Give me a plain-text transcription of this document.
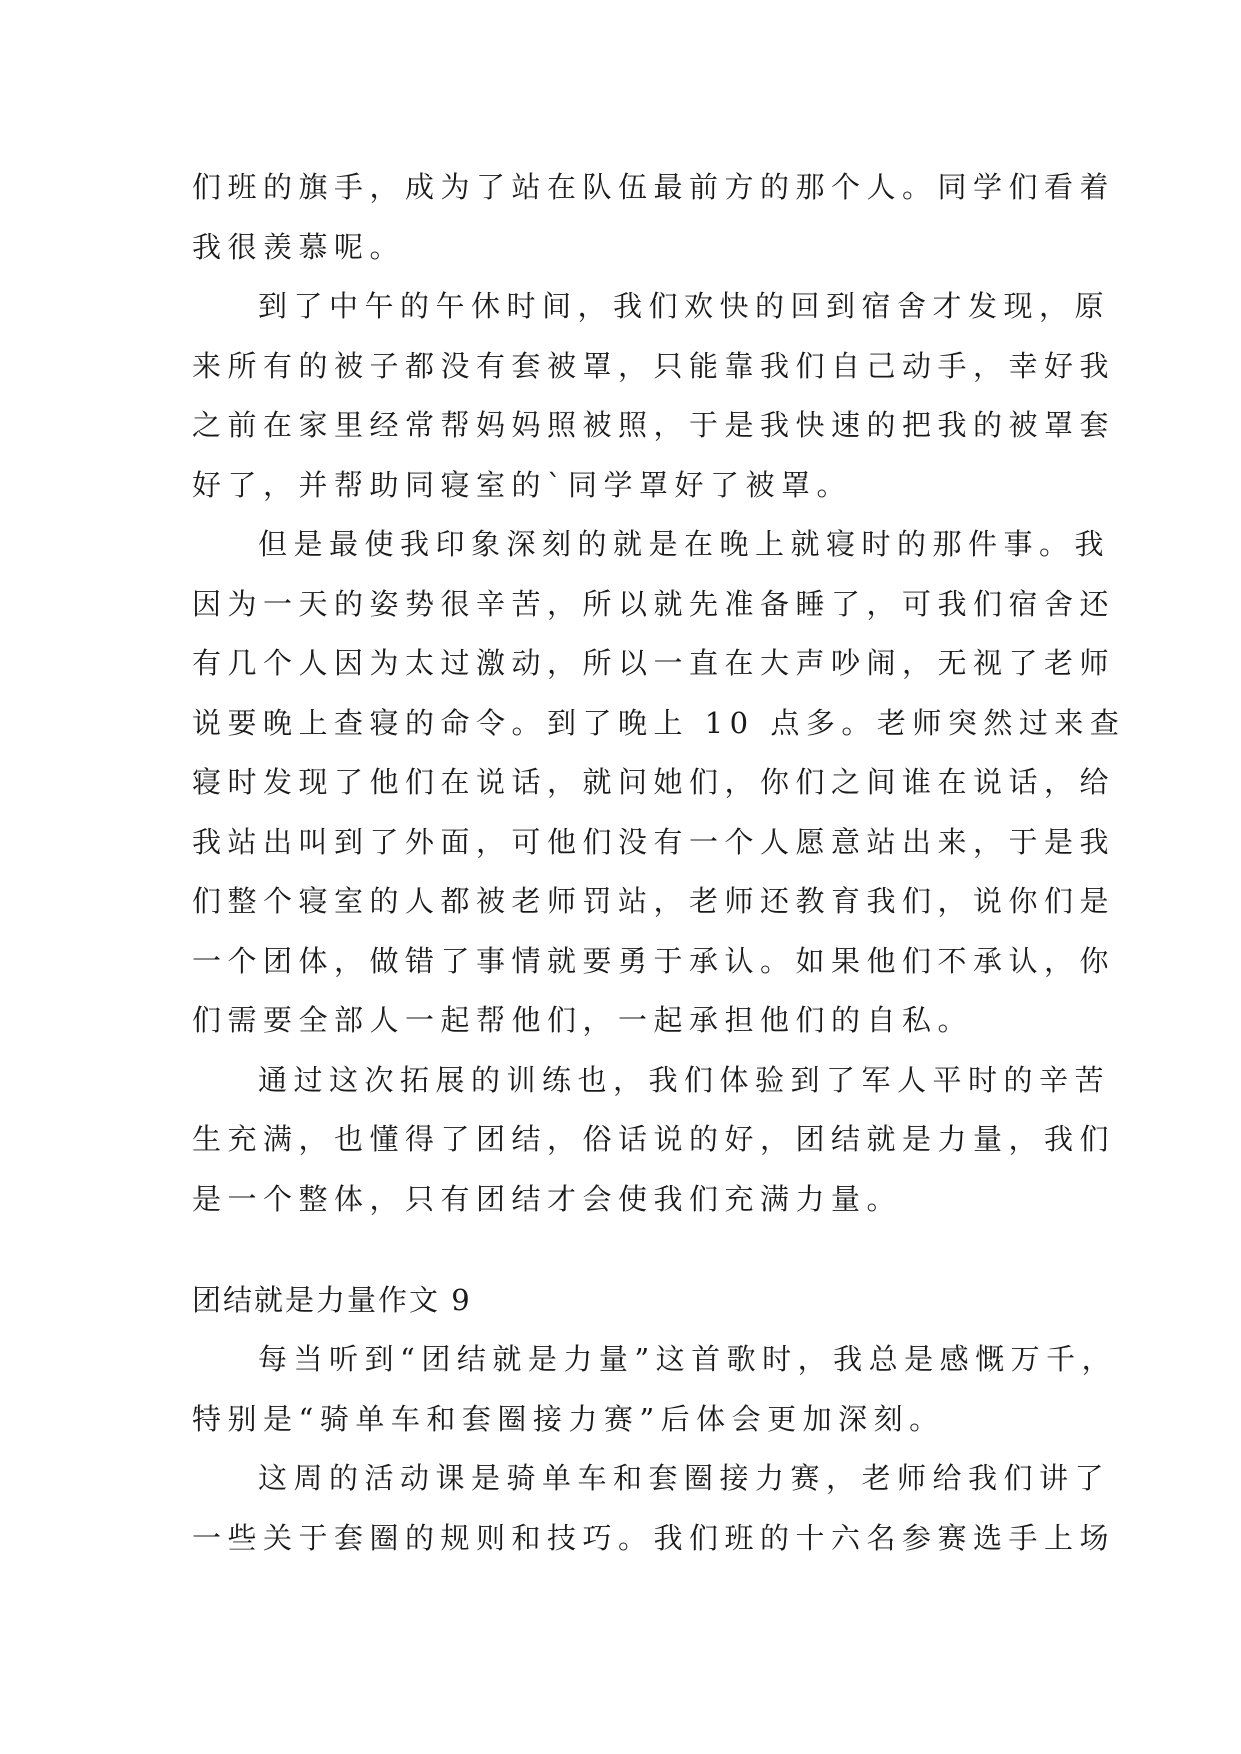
们班的旗手，成为了站在队伍最前方的那个人。同学们看着
我很羡慕呢。
到了中午的午休时间，我们欢快的回到宿舍才发现，原
来所有的被子都没有套被罩，只能靠我们自己动手，幸好我
之前在家里经常帮妈妈照被照，于是我快速的把我的被罩套
好了，并帮助同寝室的`同学罩好了被罩。
但是最使我印象深刻的就是在晚上就寝时的那件事。我
因为一天的姿势很辛苦，所以就先准备睡了，可我们宿舍还
有几个人因为太过激动，所以一直在大声吵闹，无视了老师
说要晚上查寝的命令。到了晚上 10 点多。老师突然过来查
寝时发现了他们在说话，就问她们，你们之间谁在说话，给
我站出叫到了外面，可他们没有一个人愿意站出来，于是我
们整个寝室的人都被老师罚站，老师还教育我们，说你们是
一个团体，做错了事情就要勇于承认。如果他们不承认，你
们需要全部人一起帮他们，一起承担他们的自私。
通过这次拓展的训练也，我们体验到了军人平时的辛苦
生充满，也懂得了团结，俗话说的好，团结就是力量，我们
是一个整体，只有团结才会使我们充满力量。
团结就是力量作文 9
每当听到“团结就是力量”这首歌时，我总是感慨万千，
特别是“骑单车和套圈接力赛”后体会更加深刻。
这周的活动课是骑单车和套圈接力赛，老师给我们讲了
一些关于套圈的规则和技巧。我们班的十六名参赛选手上场
